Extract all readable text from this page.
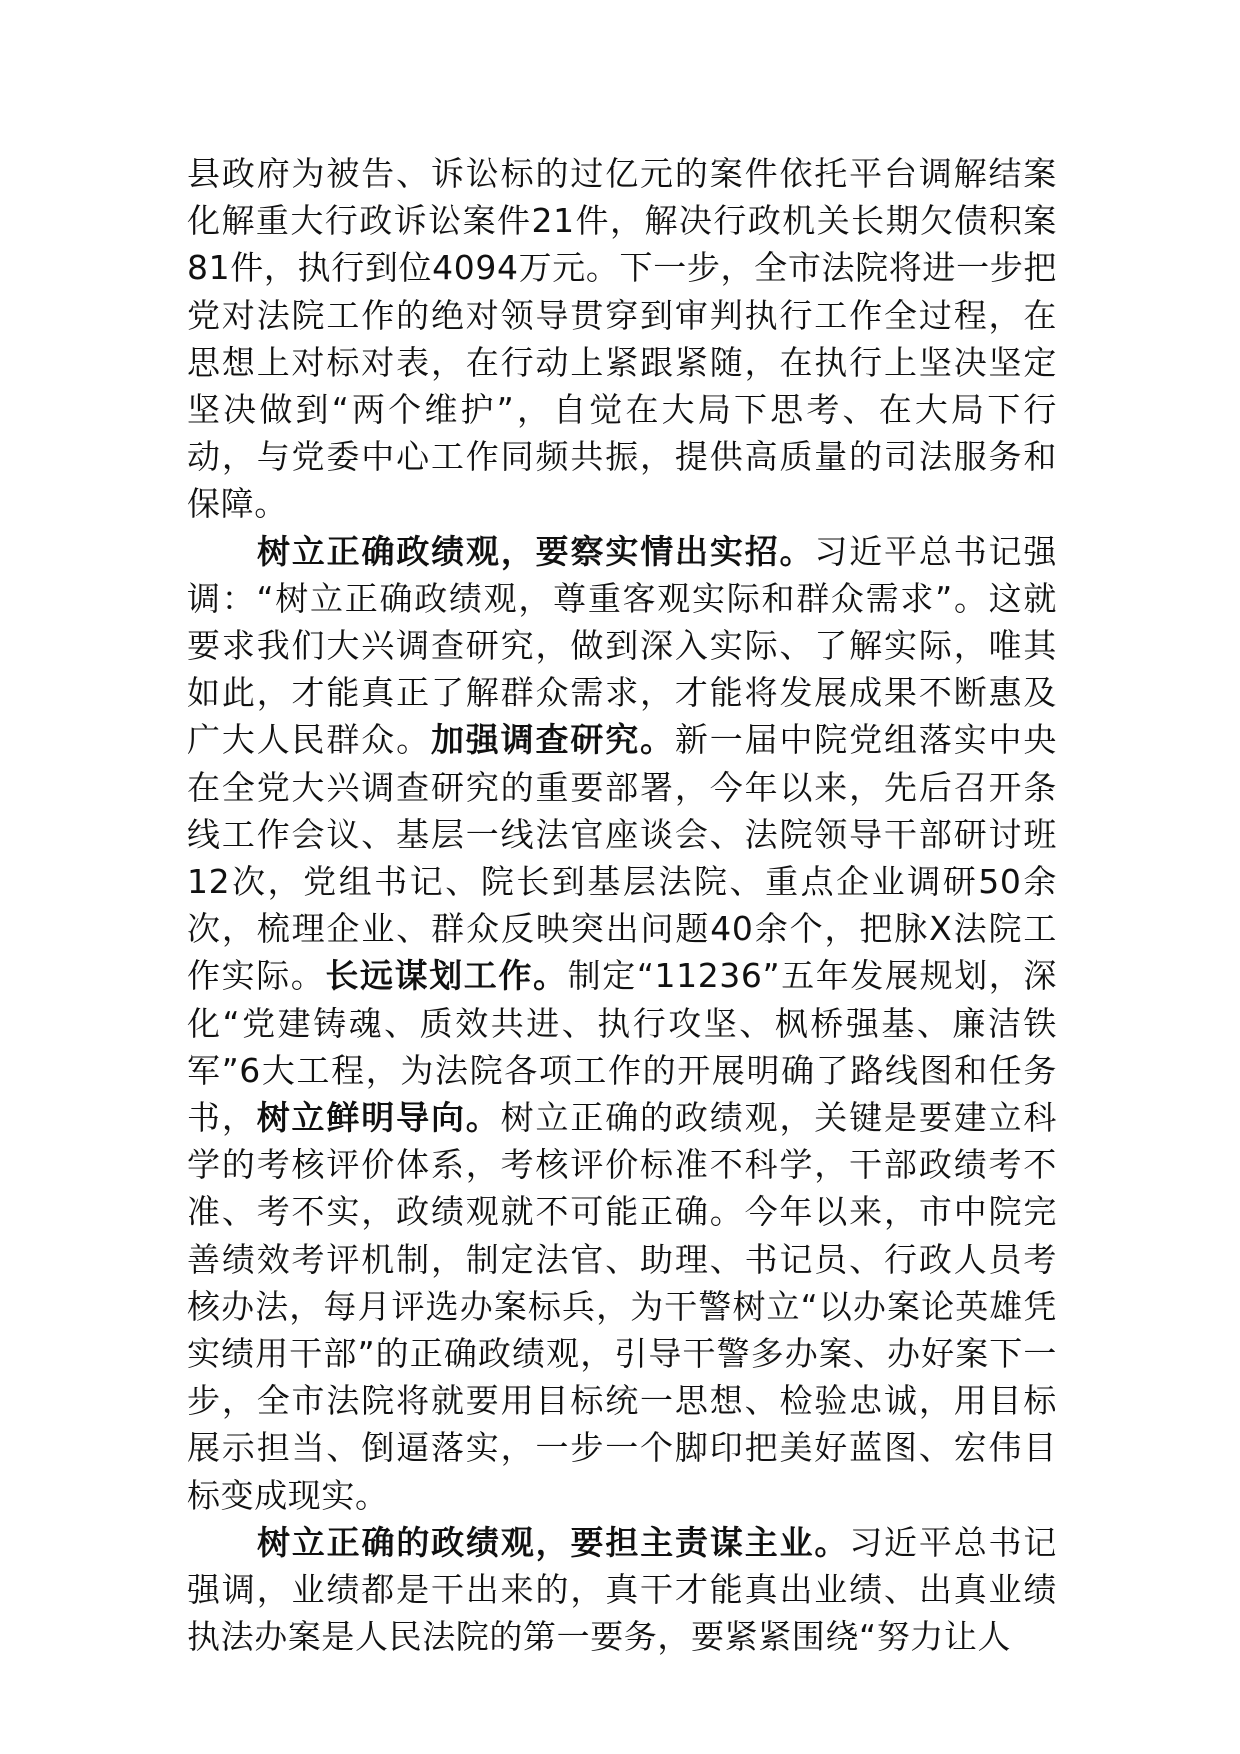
县政府为被告、诉讼标的过亿元的案件依托平台调解结案化解重大行政诉讼案件21件，解决行政机关长期欠债积案81件，执行到位4094万元。下一步，全市法院将进一步把党对法院工作的绝对领导贯穿到审判执行工作全过程，在思想上对标对表，在行动上紧跟紧随，在执行上坚决坚定坚决做到“两个维护”，自觉在大局下思考、在大局下行动，与党委中心工作同频共振，提供高质量的司法服务和保障。

树立正确政绩观，要察实情出实招。习近平总书记强调：“树立正确政绩观，尊重客观实际和群众需求”。这就要求我们大兴调查研究，做到深入实际、了解实际，唯其如此，才能真正了解群众需求，才能将发展成果不断惠及广大人民群众。加强调查研究。新一届中院党组落实中央在全党大兴调查研究的重要部署，今年以来，先后召开条线工作会议、基层一线法官座谈会、法院领导干部研讨班12次，党组书记、院长到基层法院、重点企业调研50余次，梳理企业、群众反映突出问题40余个，把脉X法院工作实际。长远谋划工作。制定“11236”五年发展规划，深化“党建铸魂、质效共进、执行攻坚、枫桥强基、廉洁铁军”6大工程，为法院各项工作的开展明确了路线图和任务书，树立鲜明导向。树立正确的政绩观，关键是要建立科学的考核评价体系，考核评价标准不科学，干部政绩考不准、考不实，政绩观就不可能正确。今年以来，市中院完善绩效考评机制，制定法官、助理、书记员、行政人员考核办法，每月评选办案标兵，为干警树立“以办案论英雄凭实绩用干部”的正确政绩观，引导干警多办案、办好案下一步，全市法院将就要用目标统一思想、检验忠诚，用目标展示担当、倒逼落实，一步一个脚印把美好蓝图、宏伟目标变成现实。

树立正确的政绩观，要担主责谋主业。习近平总书记强调，业绩都是干出来的，真干才能真出业绩、出真业绩执法办案是人民法院的第一要务，要紧紧围绕“努力让人
